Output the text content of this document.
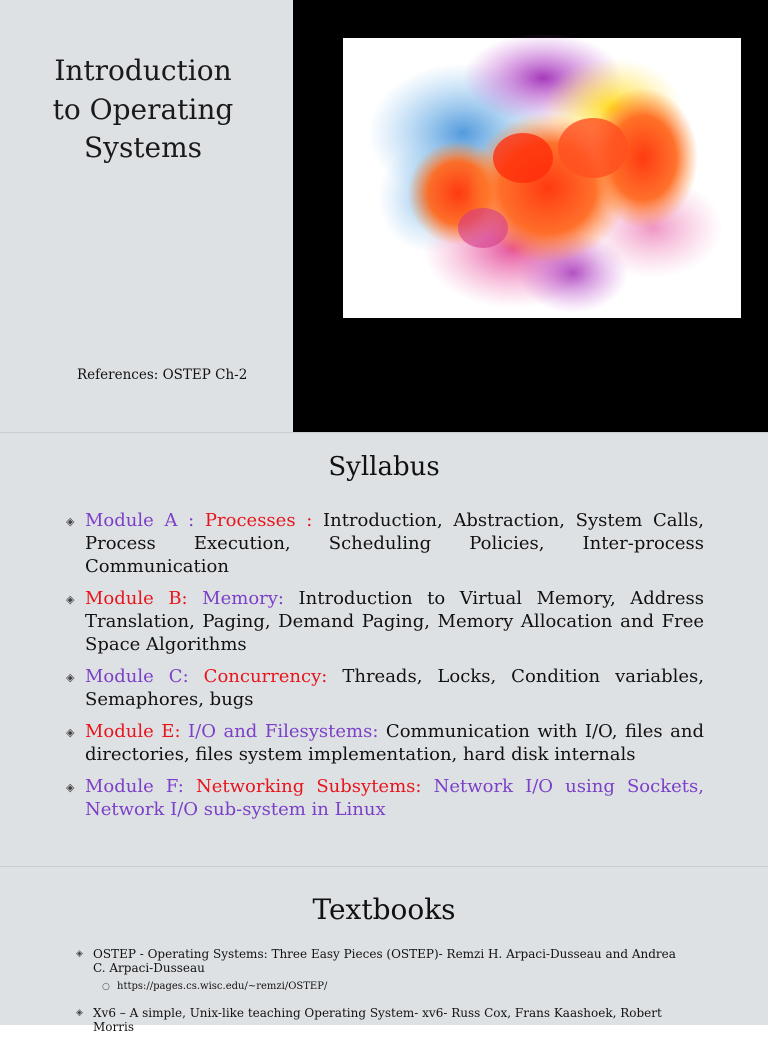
Introduction
to Operating
Systems
References: OSTEP Ch-2
Syllabus
◈ Module A : Processes : Introduction, Abstraction, System Calls, Process Execution, Scheduling Policies, Inter-process Communication
◈ Module B: Memory: Introduction to Virtual Memory, Address Translation, Paging, Demand Paging, Memory Allocation and Free Space Algorithms
◈ Module C: Concurrency: Threads, Locks, Condition variables, Semaphores, bugs
◈ Module E: I/O and Filesystems: Communication with I/O, files and directories, files system implementation, hard disk internals
◈ Module F: Networking Subsytems: Network I/O using Sockets, Network I/O sub-system in Linux
Textbooks
◈ OSTEP - Operating Systems: Three Easy Pieces (OSTEP)- Remzi H. Arpaci-Dusseau and Andrea C. Arpaci-Dusseau
○ https://pages.cs.wisc.edu/~remzi/OSTEP/
◈ Xv6 – A simple, Unix-like teaching Operating System- xv6- Russ Cox, Frans Kaashoek, Robert Morris
